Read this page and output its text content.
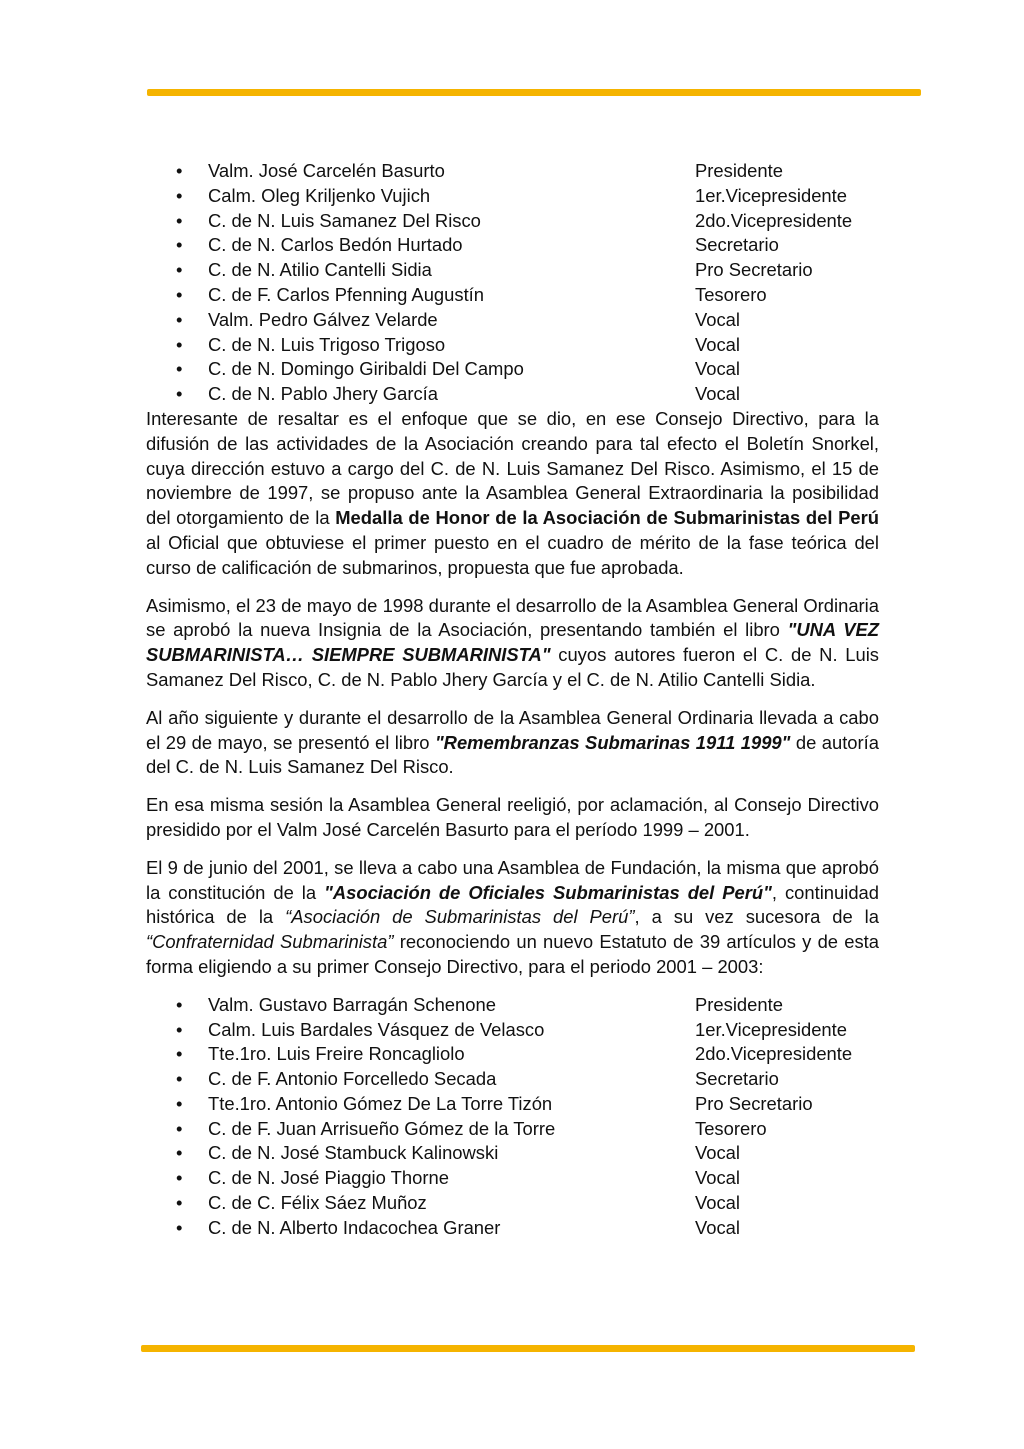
• Valm. José Carcelén Basurto	Presidente
• Calm. Oleg Kriljenko Vujich	1er.Vicepresidente
• C. de N. Luis Samanez Del Risco	2do.Vicepresidente
• C. de N. Carlos Bedón Hurtado	Secretario
• C. de N. Atilio Cantelli Sidia	Pro Secretario
• C. de F. Carlos Pfenning Augustín	Tesorero
• Valm. Pedro Gálvez Velarde	Vocal
• C. de N. Luis Trigoso Trigoso	Vocal
• C. de N. Domingo Giribaldi Del Campo	Vocal
• C. de N. Pablo Jhery García	Vocal

Interesante de resaltar es el enfoque que se dio, en ese Consejo Directivo, para la difusión de las actividades de la Asociación creando para tal efecto el Boletín Snorkel, cuya dirección estuvo a cargo del C. de N. Luis Samanez Del Risco. Asimismo, el 15 de noviembre de 1997, se propuso ante la Asamblea General Extraordinaria la posibilidad del otorgamiento de la Medalla de Honor de la Asociación de Submarinistas del Perú al Oficial que obtuviese el primer puesto en el cuadro de mérito de la fase teórica del curso de calificación de submarinos, propuesta que fue aprobada.

Asimismo, el 23 de mayo de 1998 durante el desarrollo de la Asamblea General Ordinaria se aprobó la nueva Insignia de la Asociación, presentando también el libro "UNA VEZ SUBMARINISTA… SIEMPRE SUBMARINISTA" cuyos autores fueron el C. de N. Luis Samanez Del Risco, C. de N. Pablo Jhery García y el C. de N. Atilio Cantelli Sidia.

Al año siguiente y durante el desarrollo de la Asamblea General Ordinaria llevada a cabo el 29 de mayo, se presentó el libro "Remembranzas Submarinas 1911 1999" de autoría del C. de N. Luis Samanez Del Risco.

En esa misma sesión la Asamblea General reeligió, por aclamación, al Consejo Directivo presidido por el Valm José Carcelén Basurto para el período 1999 – 2001.

El 9 de junio del 2001, se lleva a cabo una Asamblea de Fundación, la misma que aprobó la constitución de la "Asociación de Oficiales Submarinistas del Perú", continuidad histórica de la “Asociación de Submarinistas del Perú”, a su vez sucesora de la “Confraternidad Submarinista” reconociendo un nuevo Estatuto de 39 artículos y de esta forma eligiendo a su primer Consejo Directivo, para el periodo 2001 – 2003:

• Valm. Gustavo Barragán Schenone	Presidente
• Calm. Luis Bardales Vásquez de Velasco	1er.Vicepresidente
• Tte.1ro. Luis Freire Roncagliolo	2do.Vicepresidente
• C. de F. Antonio Forcelledo Secada	Secretario
• Tte.1ro. Antonio Gómez De La Torre Tizón	Pro Secretario
• C. de F. Juan Arrisueño Gómez de la Torre	Tesorero
• C. de N. José Stambuck Kalinowski	Vocal
• C. de N. José Piaggio Thorne	Vocal
• C. de C. Félix Sáez Muñoz	Vocal
• C. de N. Alberto Indacochea Graner	Vocal
